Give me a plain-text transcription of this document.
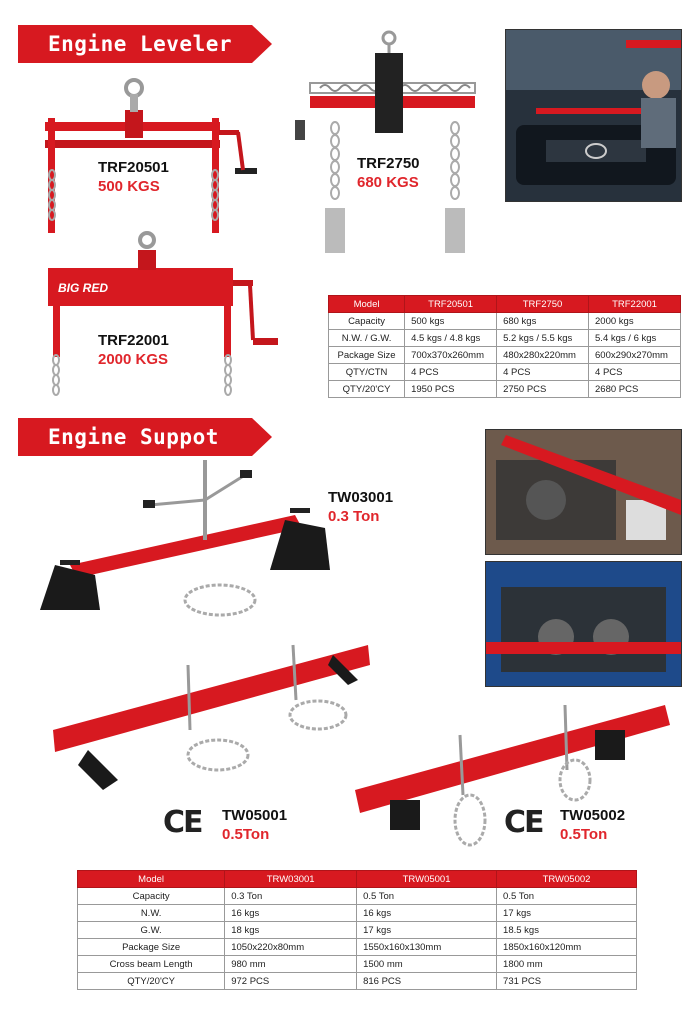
Engine Leveler
TRF20501
500 KGS
TRF2750
680 KGS
BIG RED
TRF22001
2000 KGS
Model	TRF20501	TRF2750	TRF22001
Capacity	500 kgs	680 kgs	2000 kgs
N.W. / G.W.	4.5 kgs / 4.8 kgs	5.2 kgs / 5.5 kgs	5.4 kgs / 6 kgs
Package Size	700x370x260mm	480x280x220mm	600x290x270mm
QTY/CTN	4 PCS	4 PCS	4 PCS
QTY/20'CY	1950 PCS	2750 PCS	2680 PCS
Engine Suppot
TW03001
0.3 Ton
CE TW05001
0.5Ton	CE TW05002
0.5Ton
Model	TRW03001	TRW05001	TRW05002
Capacity	0.3 Ton	0.5 Ton	0.5 Ton
N.W.	16 kgs	16 kgs	17 kgs
G.W.	18 kgs	17 kgs	18.5 kgs
Package Size	1050x220x80mm	1550x160x130mm	1850x160x120mm
Cross beam Length	980 mm	1500 mm	1800 mm
QTY/20'CY	972 PCS	816 PCS	731 PCS
